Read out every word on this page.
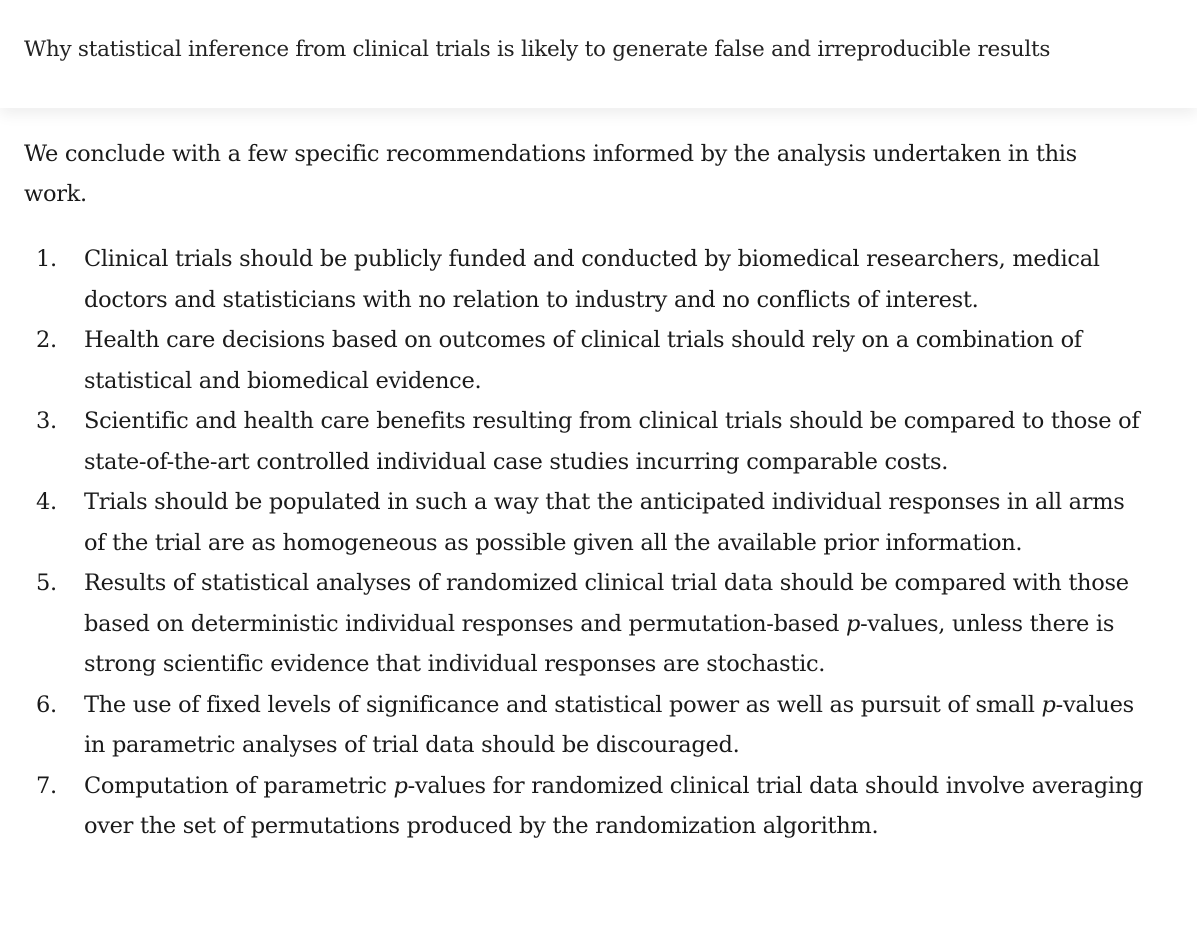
Why statistical inference from clinical trials is likely to generate false and irreproducible results

We conclude with a few specific recommendations informed by the analysis undertaken in this work.

1.	Clinical trials should be publicly funded and conducted by biomedical researchers, medical doctors and statisticians with no relation to industry and no conflicts of interest.
2.	Health care decisions based on outcomes of clinical trials should rely on a combination of statistical and biomedical evidence.
3.	Scientific and health care benefits resulting from clinical trials should be compared to those of state-of-the-art controlled individual case studies incurring comparable costs.
4.	Trials should be populated in such a way that the anticipated individual responses in all arms of the trial are as homogeneous as possible given all the available prior information.
5.	Results of statistical analyses of randomized clinical trial data should be compared with those based on deterministic individual responses and permutation-based p-values, unless there is strong scientific evidence that individual responses are stochastic.
6.	The use of fixed levels of significance and statistical power as well as pursuit of small p-values in parametric analyses of trial data should be discouraged.
7.	Computation of parametric p-values for randomized clinical trial data should involve averaging over the set of permutations produced by the randomization algorithm.
